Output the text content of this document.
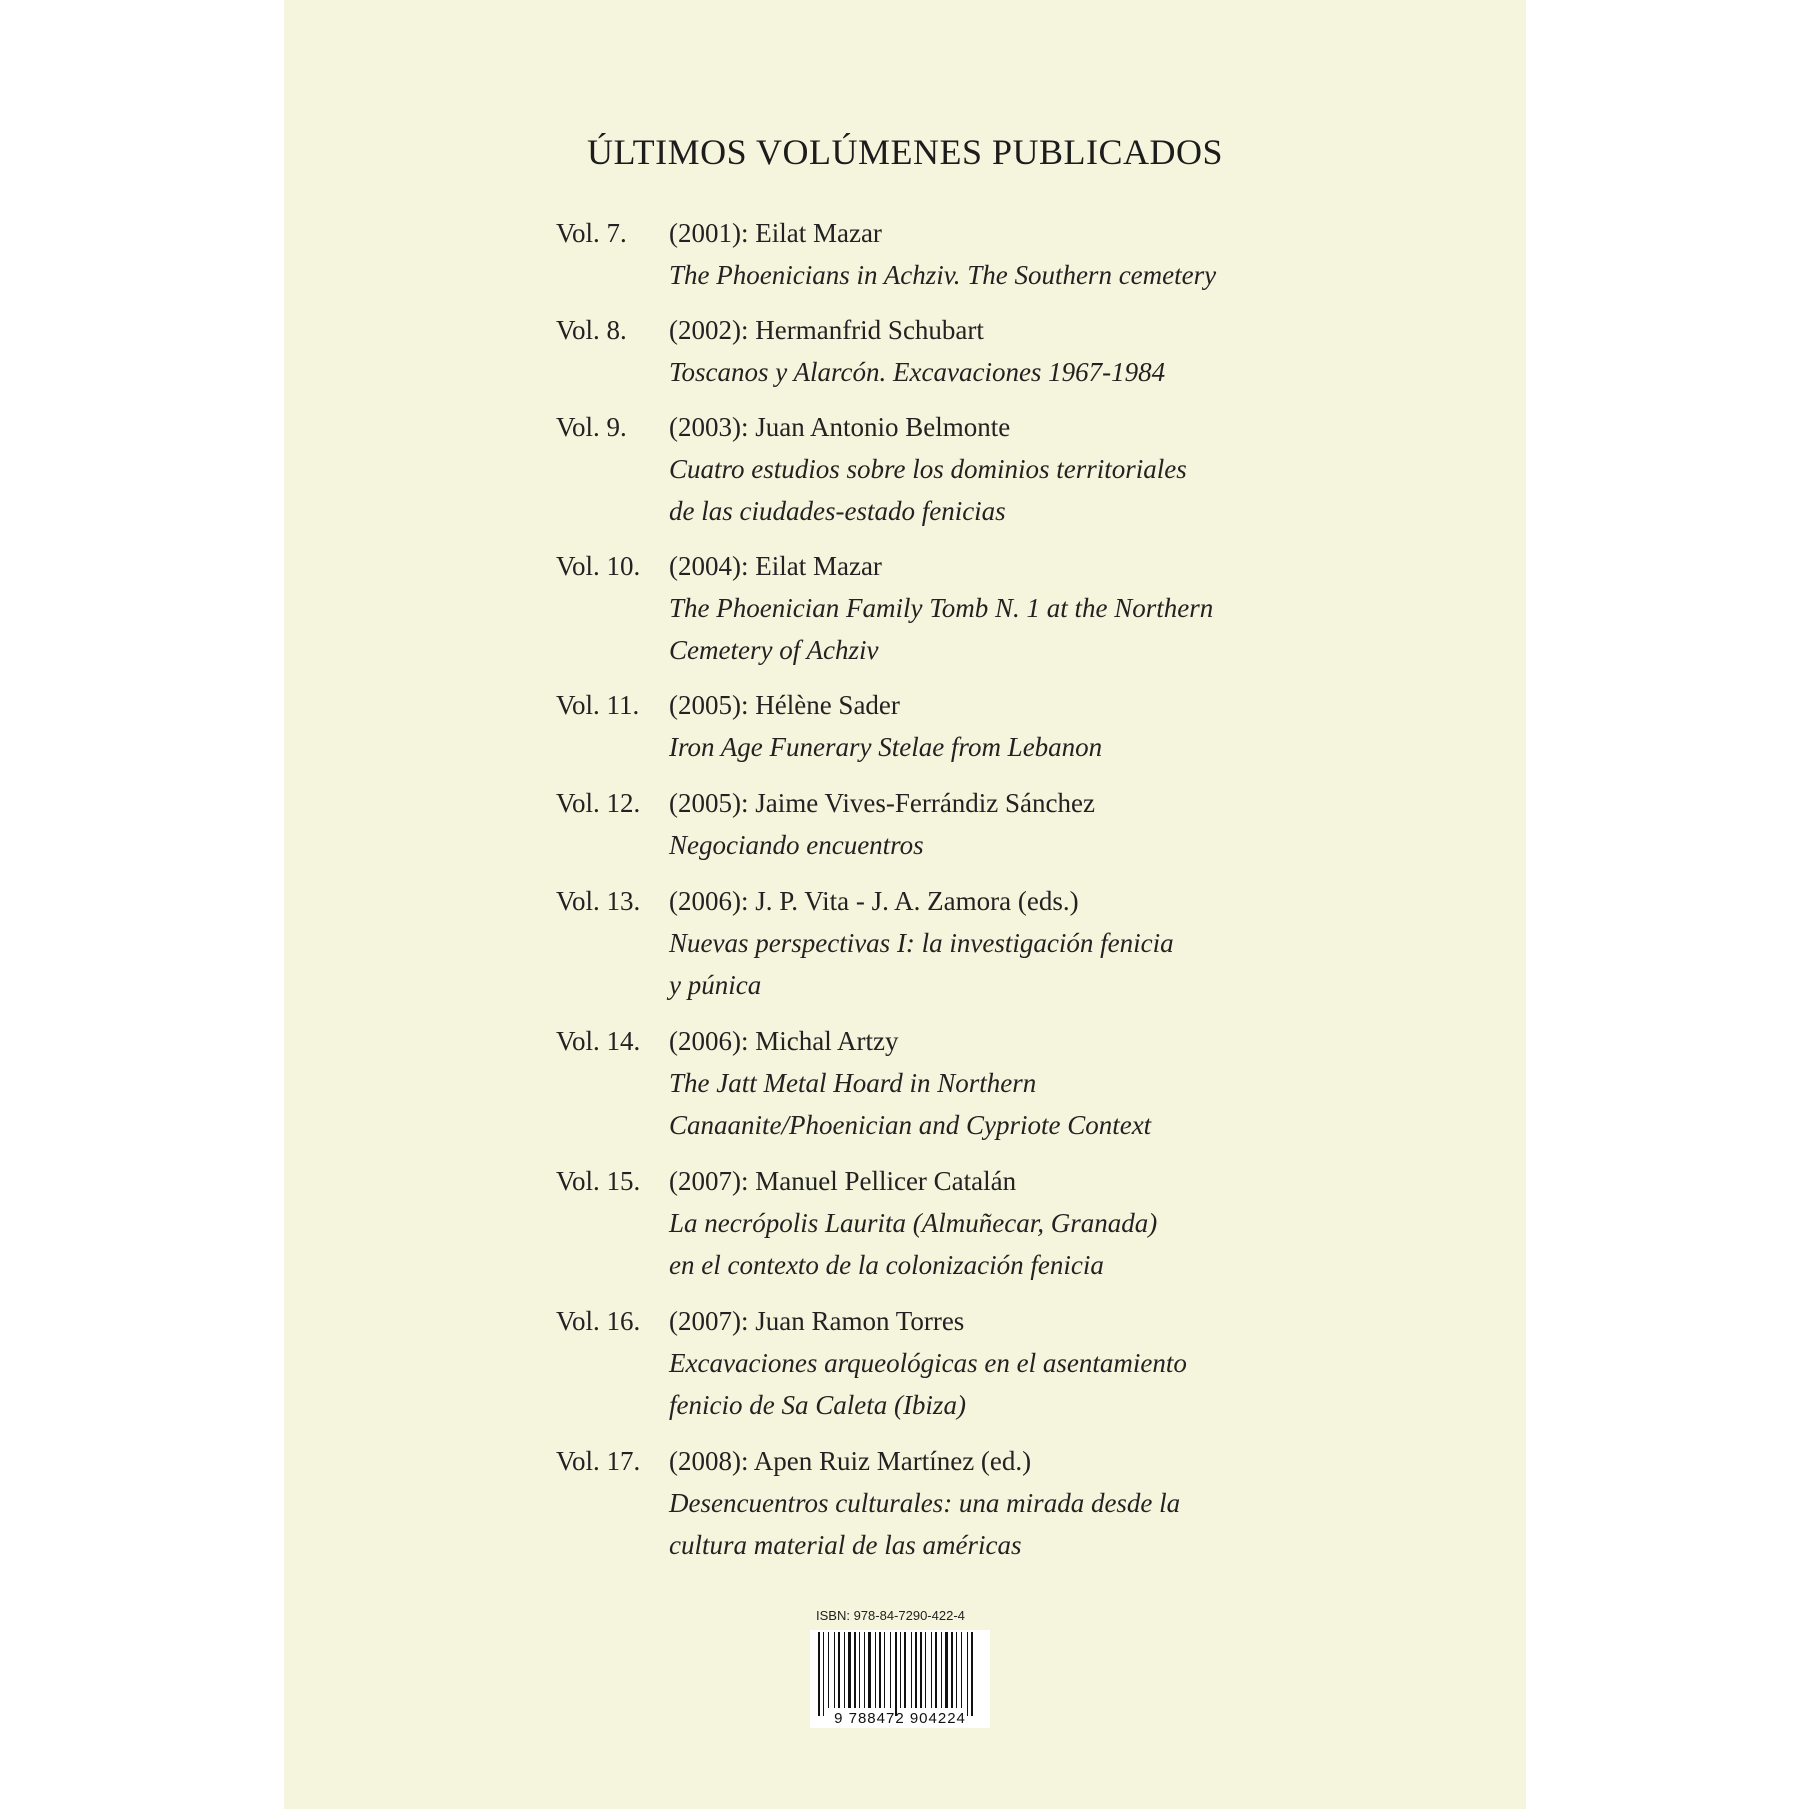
ÚLTIMOS VOLÚMENES PUBLICADOS
Vol. 7. (2001): Eilat Mazar
The Phoenicians in Achziv. The Southern cemetery
Vol. 8. (2002): Hermanfrid Schubart
Toscanos y Alarcón. Excavaciones 1967-1984
Vol. 9. (2003): Juan Antonio Belmonte
Cuatro estudios sobre los dominios territoriales
de las ciudades-estado fenicias
Vol. 10. (2004): Eilat Mazar
The Phoenician Family Tomb N. 1 at the Northern
Cemetery of Achziv
Vol. 11. (2005): Hélène Sader
Iron Age Funerary Stelae from Lebanon
Vol. 12. (2005): Jaime Vives-Ferrándiz Sánchez
Negociando encuentros
Vol. 13. (2006): J. P. Vita - J. A. Zamora (eds.)
Nuevas perspectivas I: la investigación fenicia
y púnica
Vol. 14. (2006): Michal Artzy
The Jatt Metal Hoard in Northern
Canaanite/Phoenician and Cypriote Context
Vol. 15. (2007): Manuel Pellicer Catalán
La necrópolis Laurita (Almuñecar, Granada)
en el contexto de la colonización fenicia
Vol. 16. (2007): Juan Ramon Torres
Excavaciones arqueológicas en el asentamiento
fenicio de Sa Caleta (Ibiza)
Vol. 17. (2008): Apen Ruiz Martínez (ed.)
Desencuentros culturales: una mirada desde la
cultura material de las américas
ISBN: 978-84-7290-422-4
9 788472 904224
